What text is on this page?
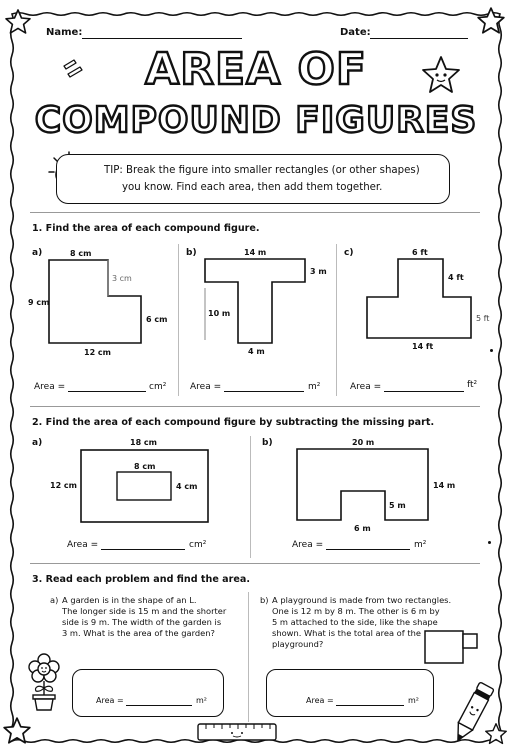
Name:	Date:
AREA OF
COMPOUND FIGURES
TIP: Break the figure into smaller rectangles (or other shapes)
you know. Find each area, then add them together.
1. Find the area of each compound figure.
a)	8 cm
3 cm
9 cm
6 cm
12 cm
Area =	cm²
b)	14 m
3 m
10 m
4 m
Area =	m²
c)	6 ft
4 ft
5 ft
14 ft
Area =	ft²
2. Find the area of each compound figure by subtracting the missing part.
a)	18 cm
12 cm
8 cm
4 cm
Area =	cm²
b)	20 m
14 m
5 m
6 m
Area =	m²
3. Read each problem and find the area.
a) A garden is in the shape of an L.
The longer side is 15 m and the shorter
side is 9 m. The width of the garden is
3 m. What is the area of the garden?
Area =	m²
b) A playground is made from two rectangles.
One is 12 m by 8 m. The other is 6 m by
5 m attached to the side, like the shape
shown. What is the total area of the
playground?
Area =	m²
